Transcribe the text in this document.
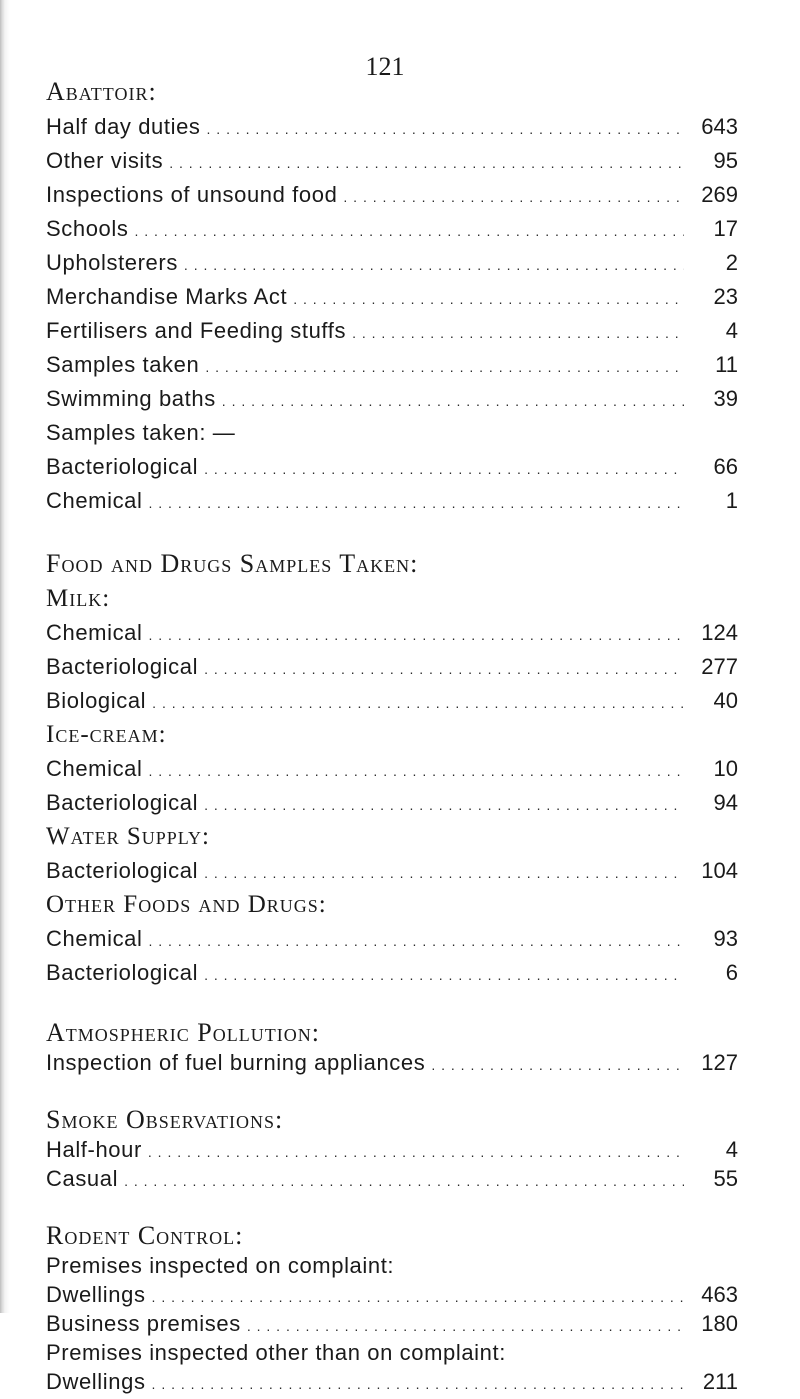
121
Abattoir:
Half day duties . . .	643
Other visits . . .	95
Inspections of unsound food . . .	269
Schools . . .	17
Upholsterers . . .	2
Merchandise Marks Act . . .	23
Fertilisers and Feeding stuffs . . .	4
Samples taken . . .	11
Swimming baths . . .	39
Samples taken: —
Bacteriological . . .	66
Chemical . . .	1
Food and Drugs Samples Taken:
Milk:
Chemical . . .	124
Bacteriological . . .	277
Biological . . .	40
Ice-cream:
Chemical . . .	10
Bacteriological . . .	94
Water Supply:
Bacteriological . . .	104
Other Foods and Drugs:
Chemical . . .	93
Bacteriological . . .	6
Atmospheric Pollution:
Inspection of fuel burning appliances . . .	127
Smoke Observations:
Half-hour . . .	4
Casual . . .	55
Rodent Control:
Premises inspected on complaint:
Dwellings . . .	463
Business premises . . .	180
Premises inspected other than on complaint:
Dwellings . . .	211
